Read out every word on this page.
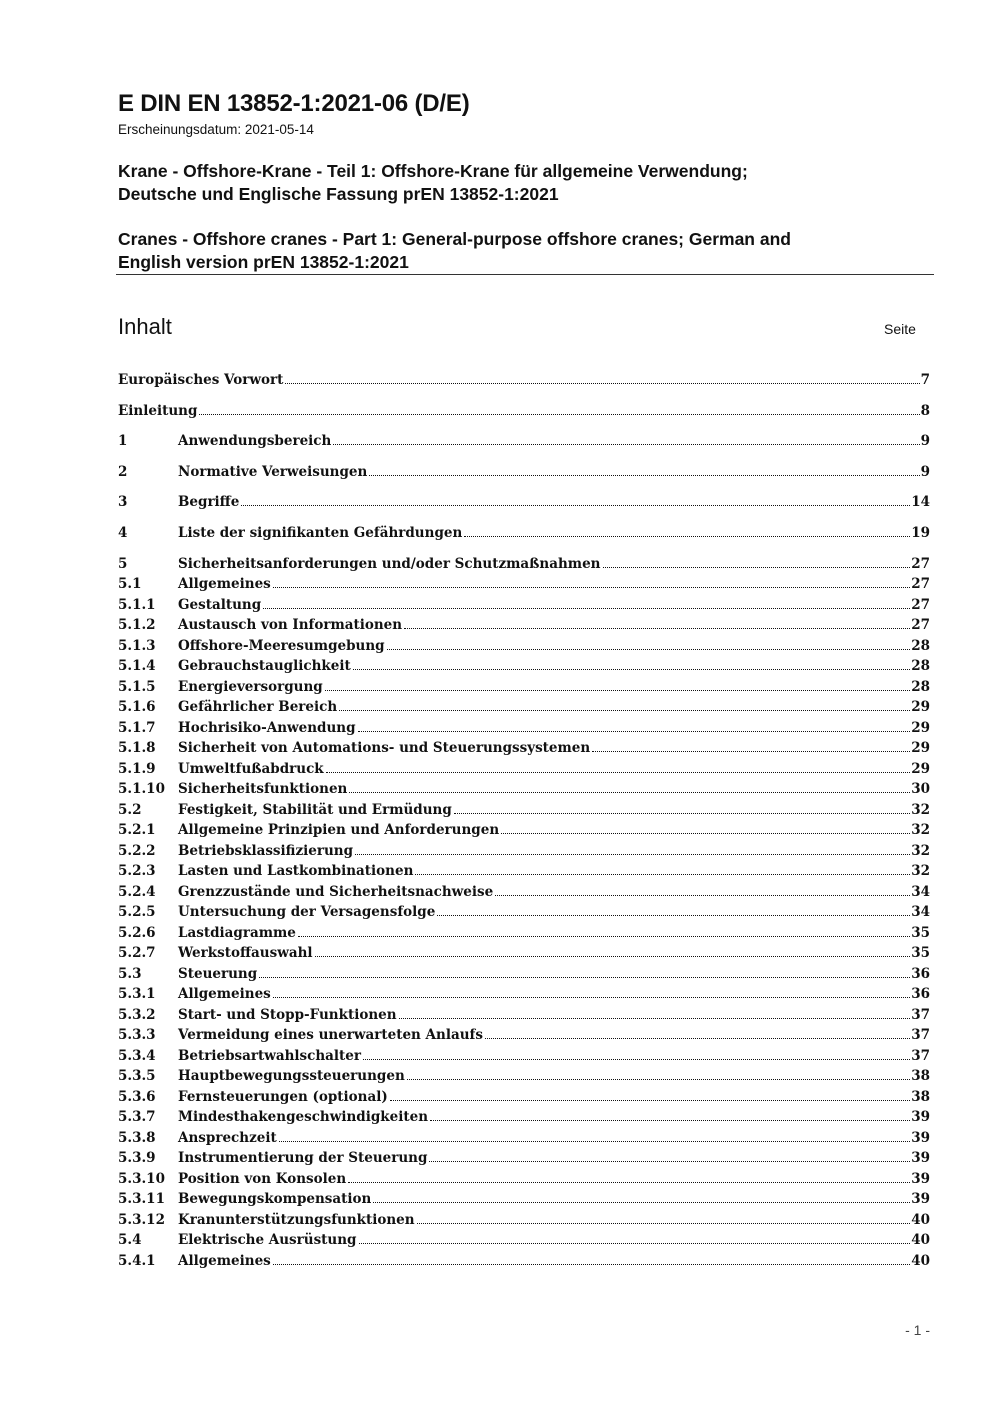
E DIN EN 13852-1:2021-06 (D/E)
Erscheinungsdatum: 2021-05-14
Krane - Offshore-Krane - Teil 1: Offshore-Krane für allgemeine Verwendung;
Deutsche und Englische Fassung prEN 13852-1:2021
Cranes - Offshore cranes - Part 1: General-purpose offshore cranes; German and
English version prEN 13852-1:2021
Inhalt	Seite
Europäisches Vorwort	7
Einleitung	8
1	Anwendungsbereich	9
2	Normative Verweisungen	9
3	Begriffe	14
4	Liste der signifikanten Gefährdungen	19
5	Sicherheitsanforderungen und/oder Schutzmaßnahmen	27
5.1	Allgemeines	27
5.1.1	Gestaltung	27
5.1.2	Austausch von Informationen	27
5.1.3	Offshore-Meeresumgebung	28
5.1.4	Gebrauchstauglichkeit	28
5.1.5	Energieversorgung	28
5.1.6	Gefährlicher Bereich	29
5.1.7	Hochrisiko-Anwendung	29
5.1.8	Sicherheit von Automations- und Steuerungssystemen	29
5.1.9	Umweltfußabdruck	29
5.1.10 Sicherheitsfunktionen	30
5.2	Festigkeit, Stabilität und Ermüdung	32
5.2.1	Allgemeine Prinzipien und Anforderungen	32
5.2.2	Betriebsklassifizierung	32
5.2.3	Lasten und Lastkombinationen	32
5.2.4	Grenzzustände und Sicherheitsnachweise	34
5.2.5	Untersuchung der Versagensfolge	34
5.2.6	Lastdiagramme	35
5.2.7	Werkstoffauswahl	35
5.3	Steuerung	36
5.3.1	Allgemeines	36
5.3.2	Start- und Stopp-Funktionen	37
5.3.3	Vermeidung eines unerwarteten Anlaufs	37
5.3.4	Betriebsartwahlschalter	37
5.3.5	Hauptbewegungssteuerungen	38
5.3.6	Fernsteuerungen (optional)	38
5.3.7	Mindesthakengeschwindigkeiten	39
5.3.8	Ansprechzeit	39
5.3.9	Instrumentierung der Steuerung	39
5.3.10 Position von Konsolen	39
5.3.11 Bewegungskompensation	39
5.3.12 Kranunterstützungsfunktionen	40
5.4	Elektrische Ausrüstung	40
5.4.1	Allgemeines	40
- 1 -
